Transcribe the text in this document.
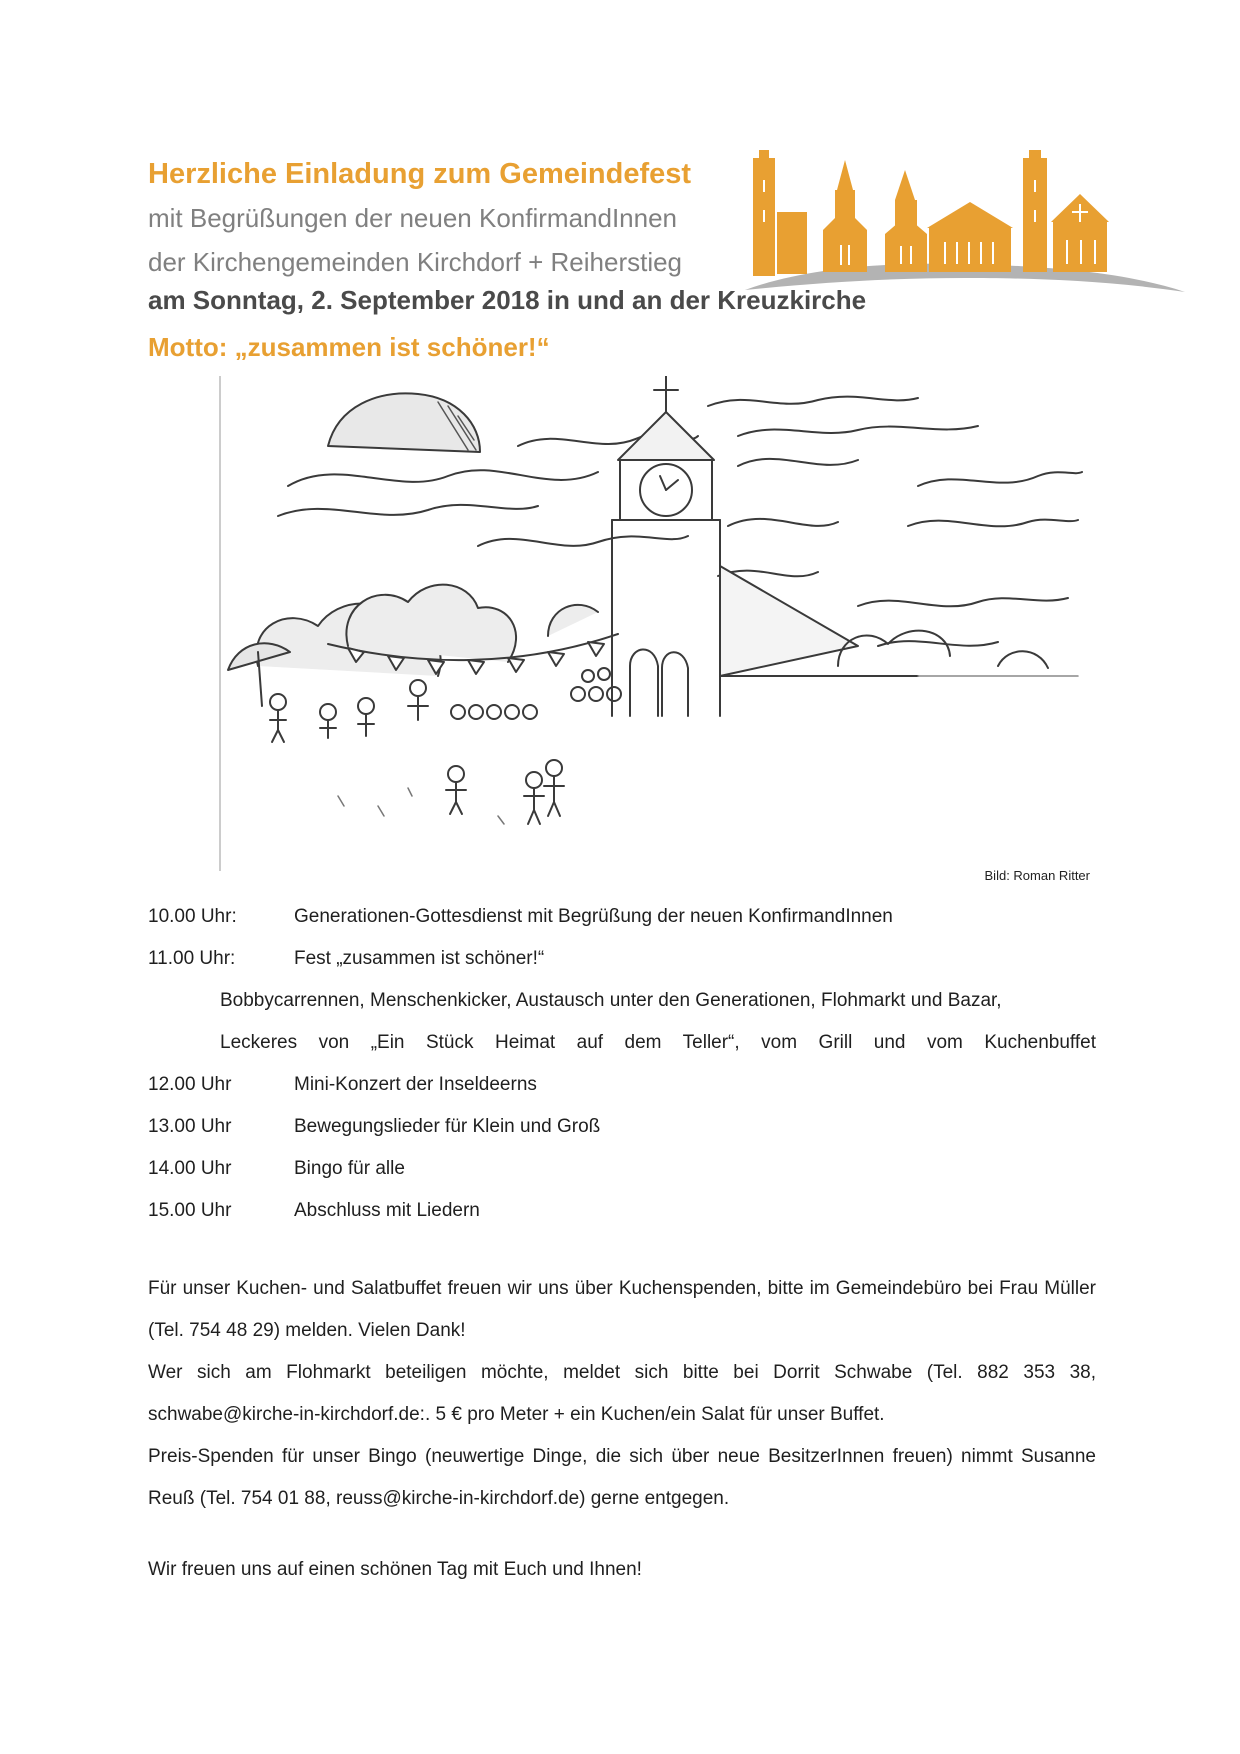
Herzliche Einladung zum Gemeindefest
mit Begrüßungen der neuen KonfirmandInnen
der Kirchengemeinden Kirchdorf + Reiherstieg
am Sonntag, 2. September 2018 in und an der Kreuzkirche
Motto: „zusammen ist schöner!“
Bild: Roman Ritter
10.00 Uhr:	Generationen-Gottesdienst mit Begrüßung der neuen KonfirmandInnen
11.00 Uhr:	Fest „zusammen ist schöner!“
Bobbycarrennen, Menschenkicker, Austausch unter den Generationen, Flohmarkt und Bazar,
Leckeres von „Ein Stück Heimat auf dem Teller“, vom Grill und vom Kuchenbuffet
12.00 Uhr	Mini-Konzert der Inseldeerns
13.00 Uhr	Bewegungslieder für Klein und Groß
14.00 Uhr	Bingo für alle
15.00 Uhr	Abschluss mit Liedern

Für unser Kuchen- und Salatbuffet freuen wir uns über Kuchenspenden, bitte im Gemeindebüro bei Frau Müller (Tel. 754 48 29) melden. Vielen Dank!

Wer sich am Flohmarkt beteiligen möchte, meldet sich bitte bei Dorrit Schwabe (Tel. 882 353 38, schwabe@kirche-in-kirchdorf.de:. 5 € pro Meter + ein Kuchen/ein Salat für unser Buffet.

Preis-Spenden für unser Bingo (neuwertige Dinge, die sich über neue BesitzerInnen freuen) nimmt Susanne Reuß (Tel. 754 01 88, reuss@kirche-in-kirchdorf.de) gerne entgegen.

Wir freuen uns auf einen schönen Tag mit Euch und Ihnen!
